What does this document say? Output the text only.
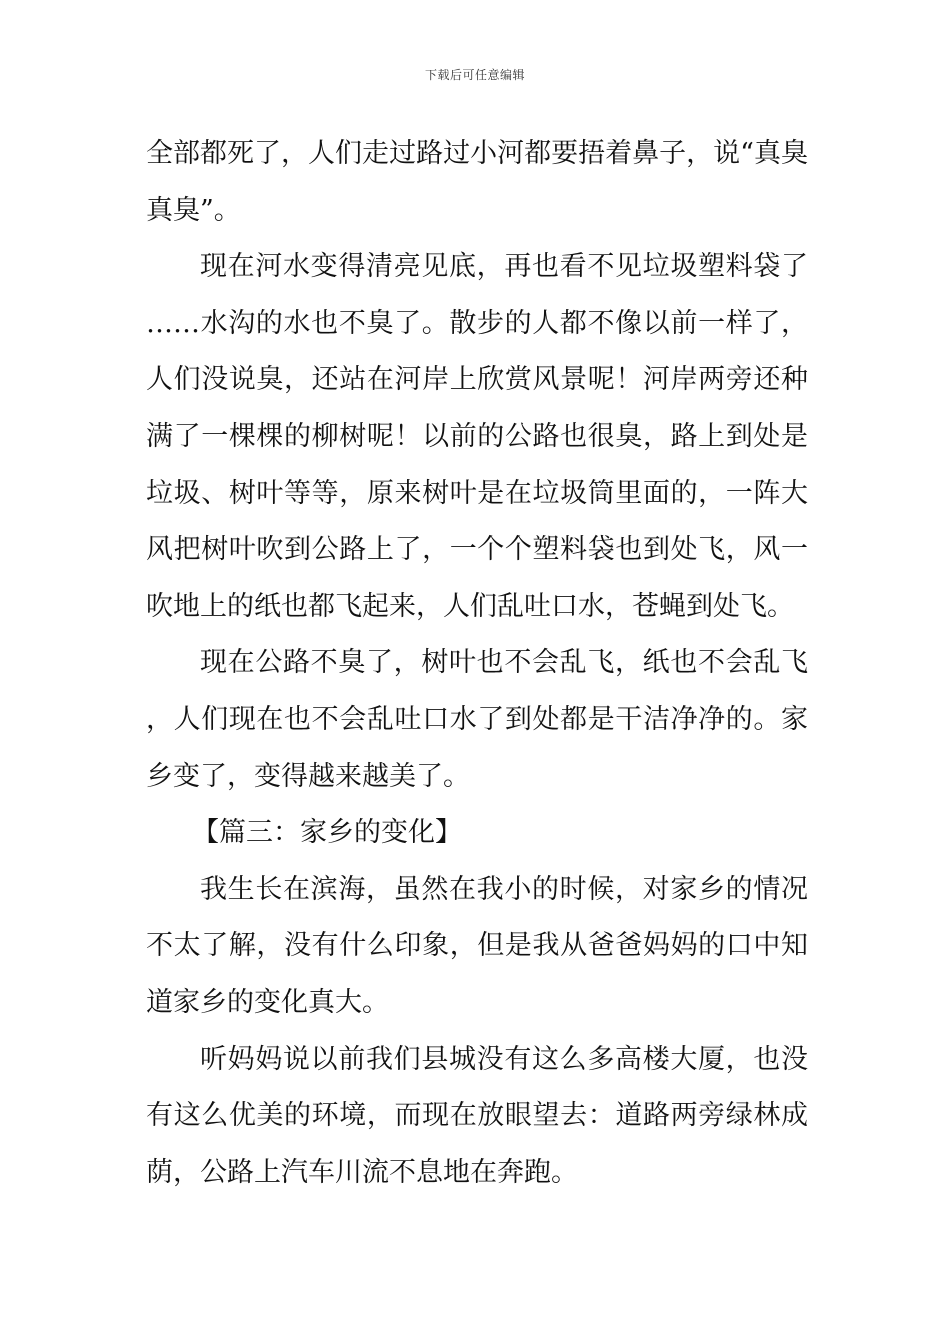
下载后可任意编辑

全部都死了，人们走过路过小河都要捂着鼻子，说“真臭真臭”。

现在河水变得清亮见底，再也看不见垃圾塑料袋了……水沟的水也不臭了。散步的人都不像以前一样了，人们没说臭，还站在河岸上欣赏风景呢！河岸两旁还种满了一棵棵的柳树呢！以前的公路也很臭，路上到处是垃圾、树叶等等，原来树叶是在垃圾筒里面的，一阵大风把树叶吹到公路上了，一个个塑料袋也到处飞，风一吹地上的纸也都飞起来，人们乱吐口水，苍蝇到处飞。

现在公路不臭了，树叶也不会乱飞，纸也不会乱飞，人们现在也不会乱吐口水了到处都是干洁净净的。家乡变了，变得越来越美了。

【篇三：家乡的变化】

我生长在滨海，虽然在我小的时候，对家乡的情况不太了解，没有什么印象，但是我从爸爸妈妈的口中知道家乡的变化真大。

听妈妈说以前我们县城没有这么多高楼大厦，也没有这么优美的环境，而现在放眼望去：道路两旁绿林成荫，公路上汽车川流不息地在奔跑。
